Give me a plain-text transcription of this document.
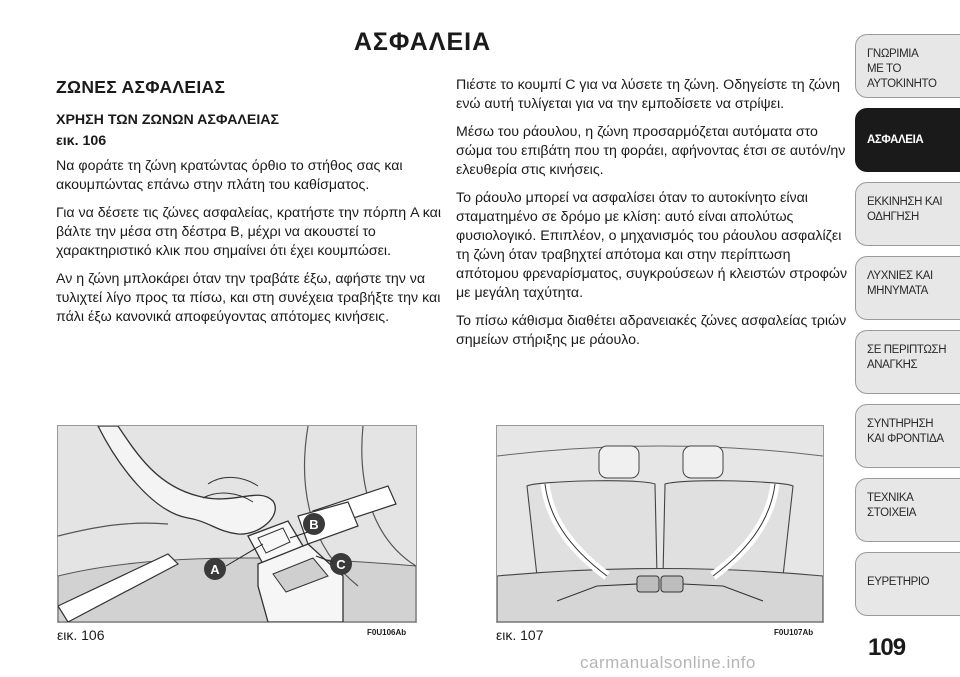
ΑΣΦΑΛΕΙΑ
ΖΩΝΕΣ ΑΣΦΑΛΕΙΑΣ
ΧΡΗΣΗ ΤΩΝ ΖΩΝΩΝ ΑΣΦΑΛΕΙΑΣ
εικ. 106

Να φοράτε τη ζώνη κρατώντας όρθιο το στήθος σας και ακουμπώντας επάνω στην πλάτη του καθίσματος.

Για να δέσετε τις ζώνες ασφαλείας, κρατήστε την πόρπη A και βάλτε την μέσα στη δέστρα B, μέχρι να ακουστεί το χαρακτηριστικό κλικ που σημαίνει ότι έχει κουμπώσει.

Αν η ζώνη μπλοκάρει όταν την τραβάτε έξω, αφήστε την να τυλιχτεί λίγο προς τα πίσω, και στη συνέχεια τραβήξτε την και πάλι έξω κανονικά αποφεύγοντας απότομες κινήσεις.

Πιέστε το κουμπί C για να λύσετε τη ζώνη. Οδηγείστε τη ζώνη ενώ αυτή τυλίγεται για να την εμποδίσετε να στρίψει.

Μέσω του ράουλου, η ζώνη προσαρμόζεται αυτόματα στο σώμα του επιβάτη που τη φοράει, αφήνοντας έτσι σε αυτόν/ην ελευθερία στις κινήσεις.

Το ράουλο μπορεί να ασφαλίσει όταν το αυτοκίνητο είναι σταματημένο σε δρόμο με κλίση: αυτό είναι απολύτως φυσιολογικό. Επιπλέον, ο μηχανισμός του ράουλου ασφαλίζει τη ζώνη όταν τραβηχτεί απότομα και στην περίπτωση απότομου φρεναρίσματος, συγκρούσεων ή κλειστών στροφών με μεγάλη ταχύτητα.

Το πίσω κάθισμα διαθέτει αδρανειακές ζώνες ασφαλείας τριών σημείων στήριξης με ράουλο.

B
C
A
εικ. 106	F0U106Ab	εικ. 107	F0U107Ab
ΓΝΩΡΙΜΙΑ
ΜΕ ΤΟ
ΑΥΤΟΚΙΝΗΤΟ
ΑΣΦΑΛΕΙΑ
ΕΚΚΙΝΗΣΗ ΚΑΙ
ΟΔΗΓΗΣΗ
ΛΥΧΝΙΕΣ ΚΑΙ
ΜΗΝΥΜΑΤΑ
ΣΕ ΠΕΡΙΠΤΩΣΗ
ΑΝΑΓΚΗΣ
ΣΥΝΤΗΡΗΣΗ
ΚΑΙ ΦΡΟΝΤΙΔΑ
ΤΕΧΝΙΚΑ
ΣΤΟΙΧΕΙΑ
ΕΥΡΕΤΗΡΙΟ
109
carmanualsonline.info
